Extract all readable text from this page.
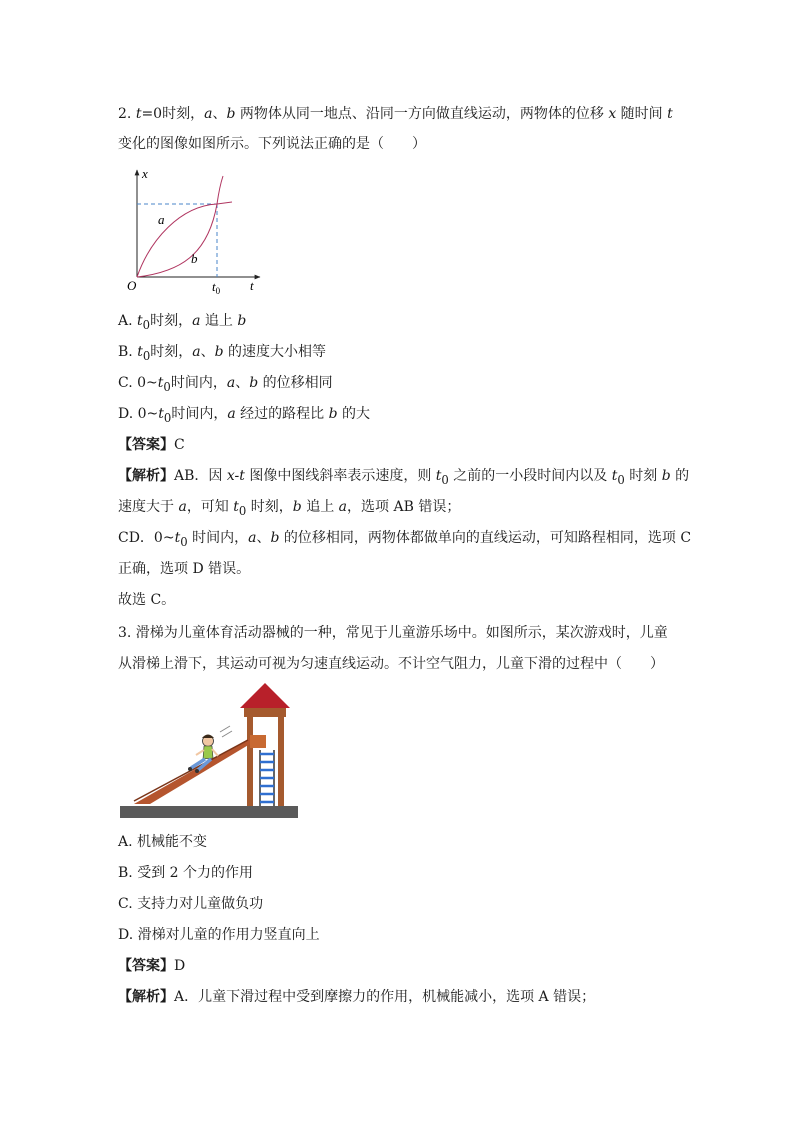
2. t=0时刻，a、b 两物体从同一地点、沿同一方向做直线运动，两物体的位移 x 随时间 t
变化的图像如图所示。下列说法正确的是（　　）
x
t
O
a
b
$t_0$
A. $t_0$时刻，a 追上 b
B. $t_0$时刻，a、b 的速度大小相等
C. $0\sim t_0$时间内，a、b 的位移相同
D. $0\sim t_0$时间内，a 经过的路程比 b 的大
【答案】C
【解析】AB．因 x-t 图像中图线斜率表示速度，则 $t_0$ 之前的一小段时间内以及 $t_0$ 时刻 b 的
速度大于 a，可知 $t_0$ 时刻，b 追上 a，选项 AB 错误；
CD．$0\sim t_0$ 时间内，a、b 的位移相同，两物体都做单向的直线运动，可知路程相同，选项 C
正确，选项 D 错误。
故选 C。
3. 滑梯为儿童体育活动器械的一种，常见于儿童游乐场中。如图所示，某次游戏时，儿童
从滑梯上滑下，其运动可视为匀速直线运动。不计空气阻力，儿童下滑的过程中（　　）
A. 机械能不变
B. 受到 2 个力的作用
C. 支持力对儿童做负功
D. 滑梯对儿童的作用力竖直向上
【答案】D
【解析】A．儿童下滑过程中受到摩擦力的作用，机械能减小，选项 A 错误；
